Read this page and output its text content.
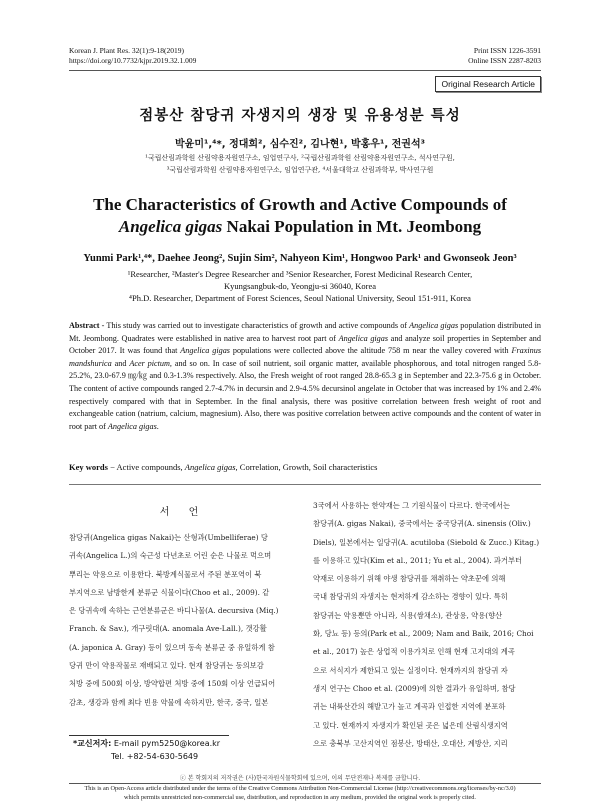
Korean J. Plant Res. 32(1):9-18(2019)
https://doi.org/10.7732/kjpr.2019.32.1.009
Print ISSN 1226-3591
Online ISSN 2287-8203
Original Research Article
점봉산 참당귀 자생지의 생장 및 유용성분 특성
박윤미¹,⁴*, 정대희², 심수진², 김나현¹, 박홍우¹, 전권석³
¹국립산림과학원 산림약용자원연구소, 임업연구사, ²국립산림과학원 산림약용자원연구소, 석사연구원,
³국립산림과학원 산림약용자원연구소, 임업연구관, ⁴서울대학교 산림과학부, 박사연구원
The Characteristics of Growth and Active Compounds of
Angelica gigas Nakai Population in Mt. Jeombong
Yunmi Park¹,⁴*, Daehee Jeong², Sujin Sim², Nahyeon Kim¹, Hongwoo Park¹ and Gwonseok Jeon³
¹Researcher, ²Master's Degree Researcher and ³Senior Researcher, Forest Medicinal Research Center,
Kyungsangbuk-do, Yeongju-si 36040, Korea
⁴Ph.D. Researcher, Department of Forest Sciences, Seoul National University, Seoul 151-911, Korea
Abstract - This study was carried out to investigate characteristics of growth and active compounds of Angelica gigas population distributed in Mt. Jeombong. Quadrates were established in native area to harvest root part of Angelica gigas and analyze soil properties in September and October 2017. It was found that Angelica gigas populations were collected above the altitude 758 m near the valley covered with Fraxinus mandshurica and Acer pictum, and so on. In case of soil nutrient, soil organic matter, available phosphorous, and total nitrogen ranged 5.8-25.2%, 23.0-67.9 ㎎/㎏ and 0.3-1.3% respectively. Also, the Fresh weight of root ranged 28.8-65.3 g in September and 22.3-75.6 g in October. The content of active compounds ranged 2.7-4.7% in decursin and 2.9-4.5% decursinol angelate in October that was increased by 1% and 2.4% respectively compared with that in September. In the final analysis, there was positive correlation between fresh weight of root and exchangeable cation (natrium, calcium, magnesium). Also, there was positive correlation between active compounds and the content of water in root part of Angelica gigas.
Key words − Active compounds, Angelica gigas, Correlation, Growth, Soil characteristics
서 언

참당귀(Angelica gigas Nakai)는 산형과(Umbelliferae) 당

귀속(Angelica L.)의 숙근성 다년초로 어린 순은 나물로 먹으며

뿌리는 약용으로 이용한다. 북방계식물로서 주된 분포역이 북

부지역으로 남방한계 분류군 식물이다(Choo et al., 2009). 같

은 당귀속에 속하는 근연분류군은 바디나물(A. decursiva (Miq.)

Franch. & Sav.), 개구릿대(A. anomala Ave-Lall.), 갯강활

(A. japonica A. Gray) 등이 있으며 동속 분류군 중 유일하게 참

당귀 만이 약용작물로 재배되고 있다. 현재 참당귀는 동의보감

처방 중에 500회 이상, 방약합편 처방 중에 150회 이상 언급되어

감초, 생강과 함께 최다 빈용 약물에 속하지만, 한국, 중국, 일본

*교신저자: E-mail pym5250@korea.kr
Tel. +82-54-630-5649

3국에서 사용하는 한약재는 그 기원식물이 다르다. 한국에서는

참당귀(A. gigas Nakai), 중국에서는 중국당귀(A. sinensis (Oliv.)

Diels), 일본에서는 일당귀(A. acutiloba (Siebold & Zucc.) Kitag.)

를 이용하고 있다(Kim et al., 2011; Yu et al., 2004). 과거부터

약재로 이용하기 위해 야생 참당귀를 채취하는 약초꾼에 의해

국내 참당귀의 자생지는 현저하게 감소하는 경향이 있다. 특히

참당귀는 약용뿐만 아니라, 식용(쌈채소), 관상용, 약용(향산

화, 당뇨 등) 등의(Park et al., 2009; Nam and Baik, 2016; Choi

et al., 2017) 높은 상업적 이용가치로 인해 현재 고지대의 계곡

으로 서식지가 제한되고 있는 실정이다. 현재까지의 참당귀 자

생지 연구는 Choo et al. (2009)에 의한 결과가 유일하며, 참당

귀는 내륙산간의 해발고가 높고 계곡과 인접한 지역에 분포하

고 있다. 현재까지 자생지가 확인된 곳은 넓은데 산림식생지역

으로 충북부 고산지역인 점봉산, 방태산, 오대산, 계방산, 지리

ⓒ 본 학회지의 저작권은 (사)한국자원식물학회에 있으며, 이의 무단전재나 복제를 금합니다.
This is an Open-Access article distributed under the terms of the Creative Commons Attribution Non-Commercial License (http://creativecommons.org/licenses/by-nc/3.0)
which permits unrestricted non-commercial use, distribution, and reproduction in any medium, provided the original work is properly cited.
